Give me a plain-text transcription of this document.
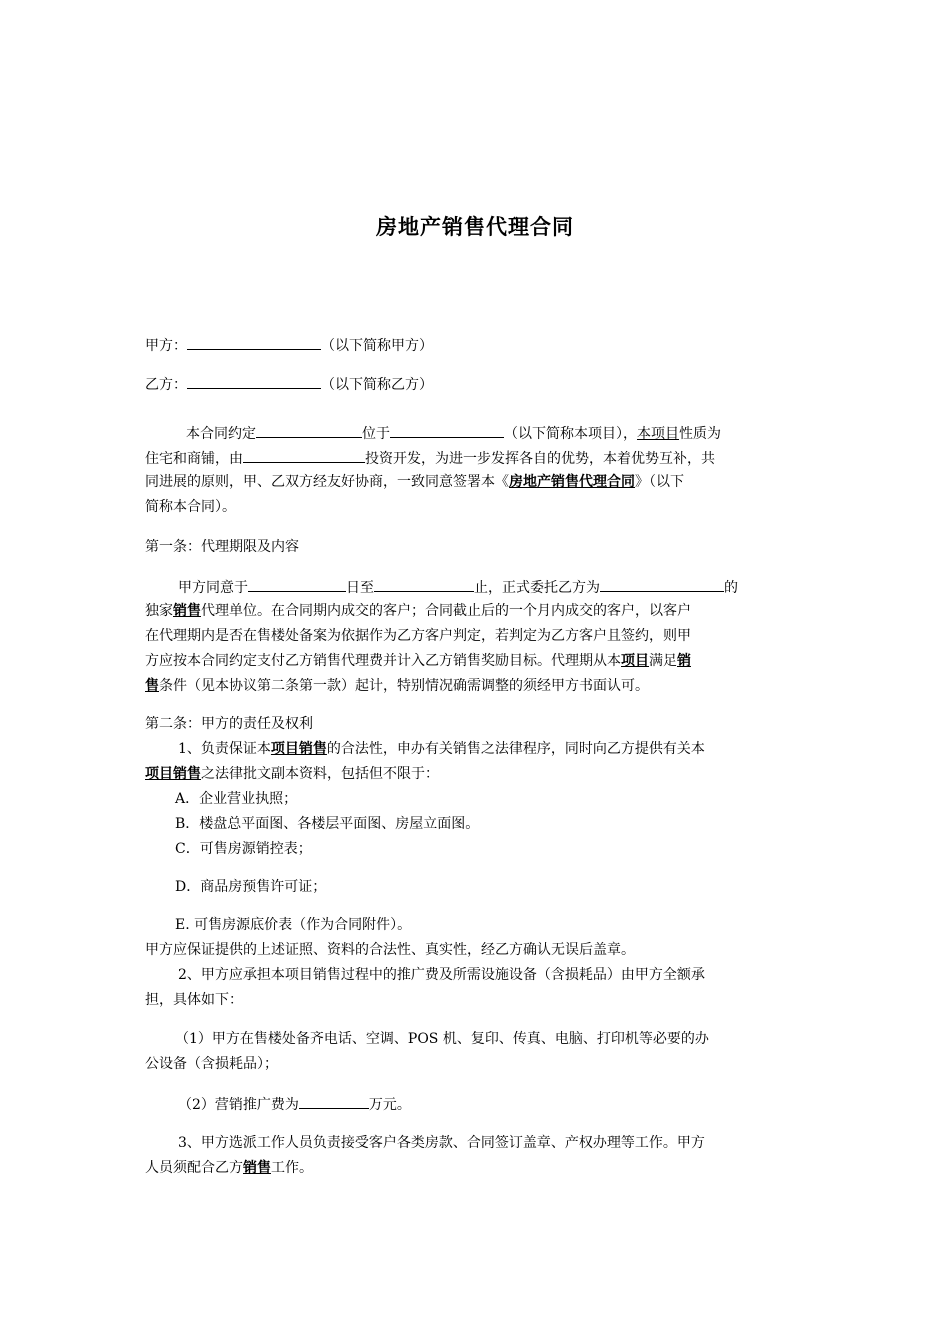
房地产销售代理合同
甲方：	（以下简称甲方）
乙方：	（以下简称乙方）
本合同约定	位于	（以下简称本项目），本项目性质为
住宅和商铺，由	投资开发，为进一步发挥各自的优势，本着优势互补，共
同进展的原则，甲、乙双方经友好协商，一致同意签署本《房地产销售代理合同》（以下
简称本合同）。
第一条：代理期限及内容
甲方同意于	日至	止，正式委托乙方为	的
独家销售代理单位。在合同期内成交的客户；合同截止后的一个月内成交的客户，以客户
在代理期内是否在售楼处备案为依据作为乙方客户判定，若判定为乙方客户且签约，则甲
方应按本合同约定支付乙方销售代理费并计入乙方销售奖励目标。代理期从本项目满足销
售条件（见本协议第二条第一款）起计，特别情况确需调整的须经甲方书面认可。
第二条：甲方的责任及权利
1、负责保证本项目销售的合法性，申办有关销售之法律程序，同时向乙方提供有关本
项目销售之法律批文副本资料，包括但不限于：
A．企业营业执照；
B．楼盘总平面图、各楼层平面图、房屋立面图。
C．可售房源销控表；
D．商品房预售许可证；
E. 可售房源底价表（作为合同附件）。
甲方应保证提供的上述证照、资料的合法性、真实性，经乙方确认无误后盖章。
2、甲方应承担本项目销售过程中的推广费及所需设施设备（含损耗品）由甲方全额承
担，具体如下：
（1）甲方在售楼处备齐电话、空调、POS 机、复印、传真、电脑、打印机等必要的办
公设备（含损耗品）；
（2）营销推广费为	万元。
3、甲方选派工作人员负责接受客户各类房款、合同签订盖章、产权办理等工作。甲方
人员须配合乙方销售工作。
